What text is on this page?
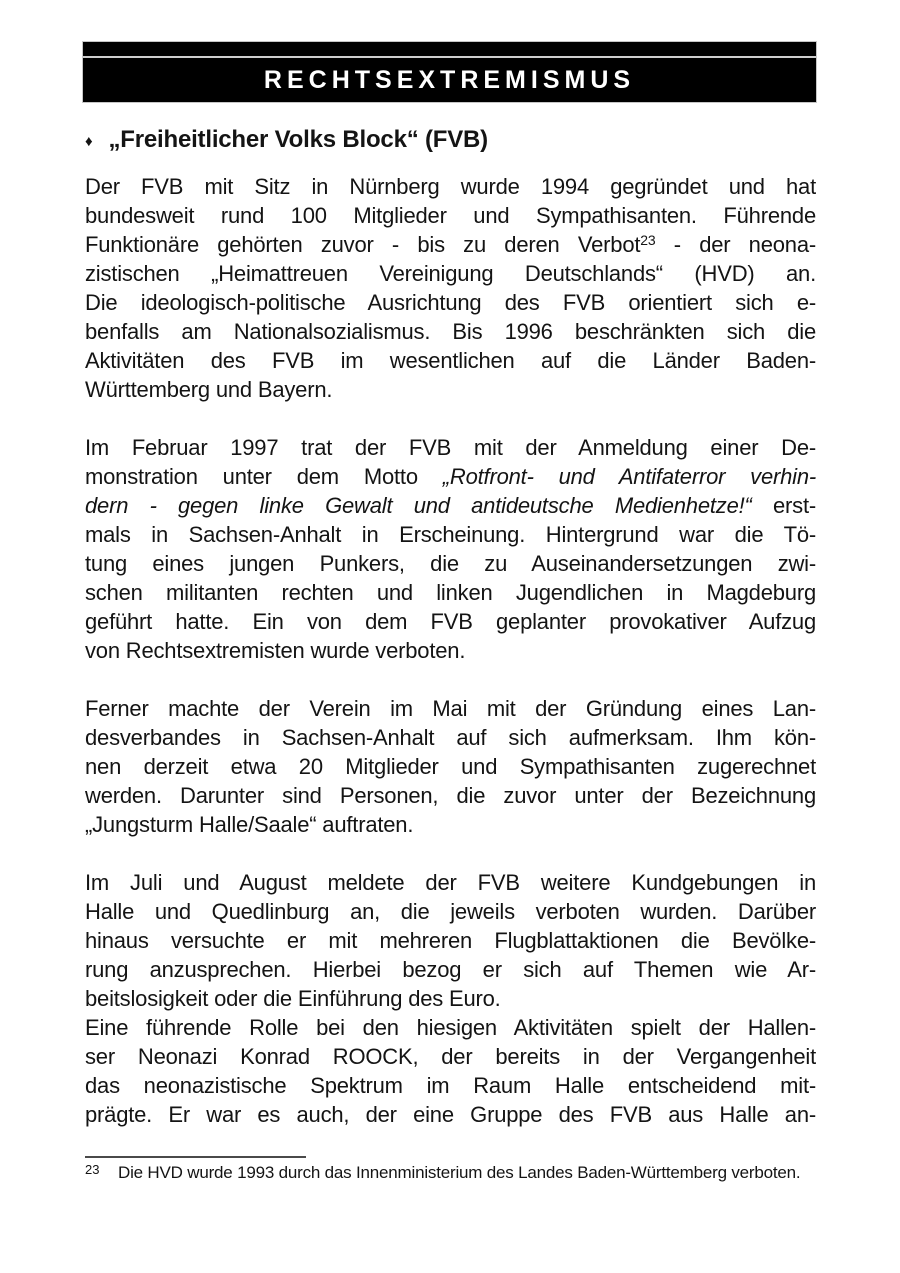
RECHTSEXTREMISMUS
♦ „Freiheitlicher Volks Block“ (FVB)
Der FVB mit Sitz in Nürnberg wurde 1994 gegründet und hat
bundesweit rund 100 Mitglieder und Sympathisanten. Führende
Funktionäre gehörten zuvor - bis zu deren Verbot$^{23}$ - der neona-
zistischen „Heimattreuen Vereinigung Deutschlands“ (HVD) an.
Die ideologisch-politische Ausrichtung des FVB orientiert sich e-
benfalls am Nationalsozialismus. Bis 1996 beschränkten sich die
Aktivitäten des FVB im wesentlichen auf die Länder Baden-
Württemberg und Bayern.
Im Februar 1997 trat der FVB mit der Anmeldung einer De-
monstration unter dem Motto „Rotfront- und Antifaterror verhin-
dern - gegen linke Gewalt und antideutsche Medienhetze!“ erst-
mals in Sachsen-Anhalt in Erscheinung. Hintergrund war die Tö-
tung eines jungen Punkers, die zu Auseinandersetzungen zwi-
schen militanten rechten und linken Jugendlichen in Magdeburg
geführt hatte. Ein von dem FVB geplanter provokativer Aufzug
von Rechtsextremisten wurde verboten.
Ferner machte der Verein im Mai mit der Gründung eines Lan-
desverbandes in Sachsen-Anhalt auf sich aufmerksam. Ihm kön-
nen derzeit etwa 20 Mitglieder und Sympathisanten zugerechnet
werden. Darunter sind Personen, die zuvor unter der Bezeichnung
„Jungsturm Halle/Saale“ auftraten.
Im Juli und August meldete der FVB weitere Kundgebungen in
Halle und Quedlinburg an, die jeweils verboten wurden. Darüber
hinaus versuchte er mit mehreren Flugblattaktionen die Bevölke-
rung anzusprechen. Hierbei bezog er sich auf Themen wie Ar-
beitslosigkeit oder die Einführung des Euro.
Eine führende Rolle bei den hiesigen Aktivitäten spielt der Hallen-
ser Neonazi Konrad ROOCK, der bereits in der Vergangenheit
das neonazistische Spektrum im Raum Halle entscheidend mit-
prägte. Er war es auch, der eine Gruppe des FVB aus Halle an-
23	Die HVD wurde 1993 durch das Innenministerium des Landes Baden-Württemberg verboten.
